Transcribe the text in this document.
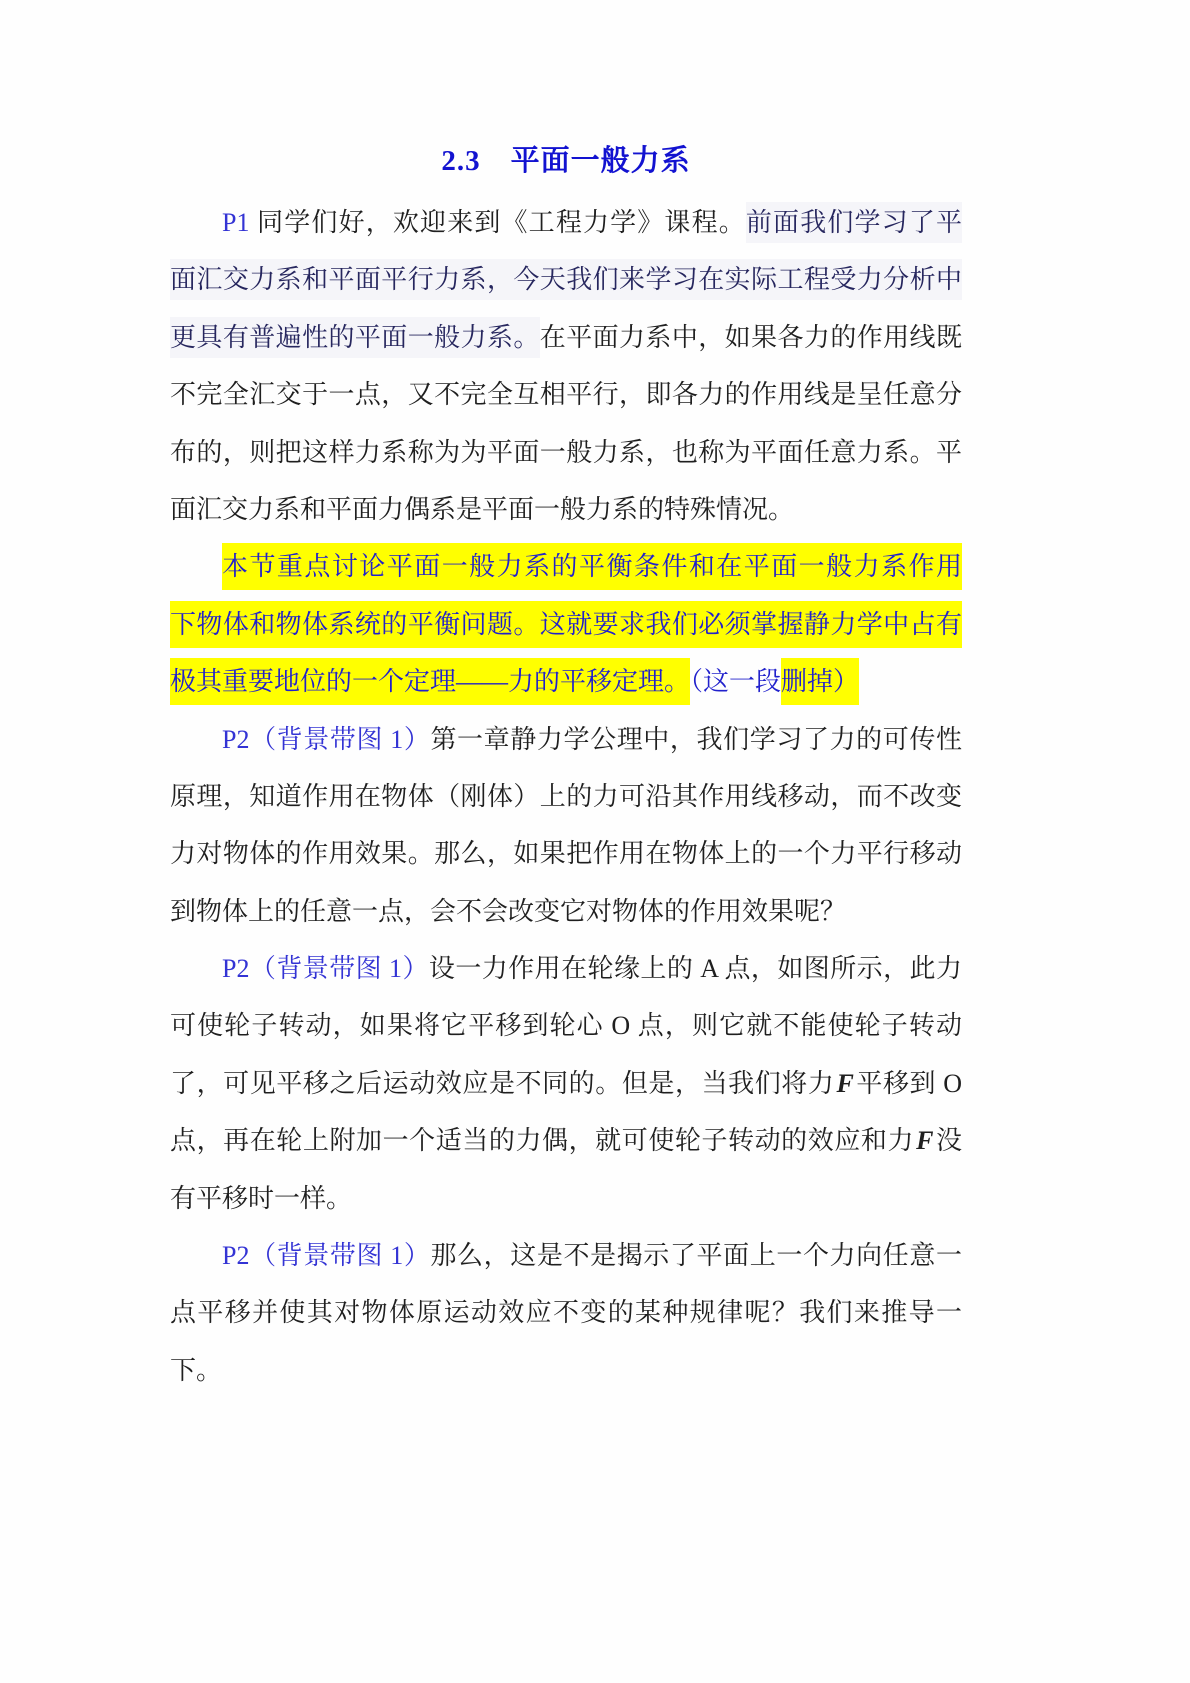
2.3　平面一般力系
P1 同学们好，欢迎来到《工程力学》课程。前面我们学习了平
面汇交力系和平面平行力系，今天我们来学习在实际工程受力分析中
更具有普遍性的平面一般力系。在平面力系中，如果各力的作用线既
不完全汇交于一点，又不完全互相平行，即各力的作用线是呈任意分
布的，则把这样力系称为为平面一般力系，也称为平面任意力系。平
面汇交力系和平面力偶系是平面一般力系的特殊情况。
本节重点讨论平面一般力系的平衡条件和在平面一般力系作用
下物体和物体系统的平衡问题。这就要求我们必须掌握静力学中占有
极其重要地位的一个定理——力的平移定理。（这一段删掉）
P2（背景带图 1）第一章静力学公理中，我们学习了力的可传性
原理，知道作用在物体（刚体）上的力可沿其作用线移动，而不改变
力对物体的作用效果。那么，如果把作用在物体上的一个力平行移动
到物体上的任意一点，会不会改变它对物体的作用效果呢？
P2（背景带图 1）设一力作用在轮缘上的 A 点，如图所示，此力
可使轮子转动，如果将它平移到轮心 O 点，则它就不能使轮子转动
了，可见平移之后运动效应是不同的。但是，当我们将力F平移到 O
点，再在轮上附加一个适当的力偶，就可使轮子转动的效应和力F没
有平移时一样。
P2（背景带图 1）那么，这是不是揭示了平面上一个力向任意一
点平移并使其对物体原运动效应不变的某种规律呢？我们来推导一
下。
